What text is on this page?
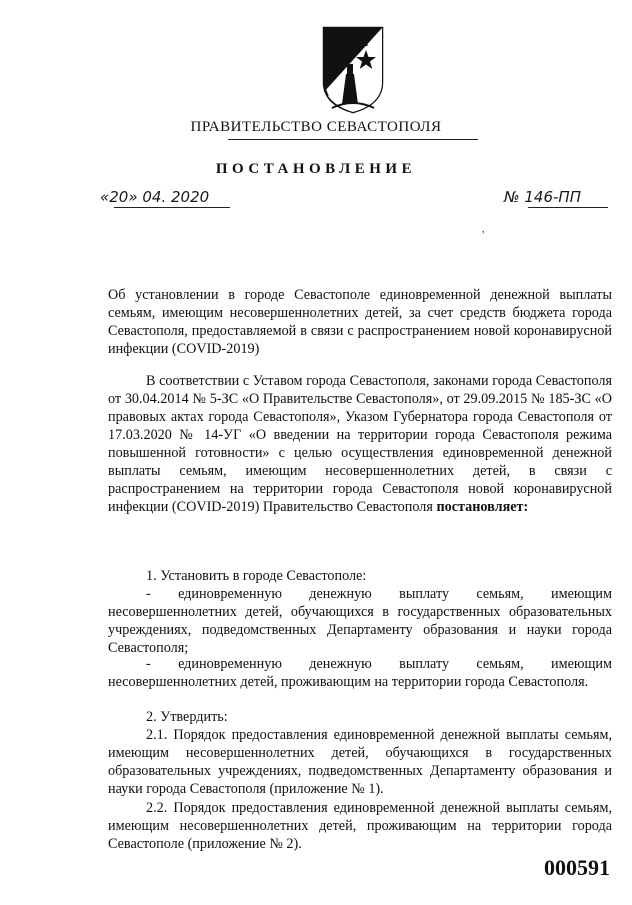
ПРАВИТЕЛЬСТВО СЕВАСТОПОЛЯ
ПОСТАНОВЛЕНИЕ
«20» 04. 2020	№ 146-ПП
,
Об установлении в городе Севастополе единовременной денежной выплаты семьям, имеющим несовершеннолетних детей, за счет средств бюджета города Севастополя, предоставляемой в связи с распространением новой коронавирусной инфекции (COVID-2019)
В соответствии с Уставом города Севастополя, законами города Севастополя от 30.04.2014 № 5-ЗС «О Правительстве Севастополя», от 29.09.2015 № 185-ЗС «О правовых актах города Севастополя», Указом Губернатора города Севастополя от 17.03.2020 № 14-УГ «О введении на территории города Севастополя режима повышенной готовности» с целью осуществления единовременной денежной выплаты семьям, имеющим несовершеннолетних детей, в связи с распространением на территории города Севастополя новой коронавирусной инфекции (COVID-2019) Правительство Севастополя постановляет:
1. Установить в городе Севастополе:
- единовременную денежную выплату семьям, имеющим несовершеннолетних детей, обучающихся в государственных образовательных учреждениях, подведомственных Департаменту образования и науки города Севастополя;
- единовременную денежную выплату семьям, имеющим несовершеннолетних детей, проживающим на территории города Севастополя.
2. Утвердить:
2.1. Порядок предоставления единовременной денежной выплаты семьям, имеющим несовершеннолетних детей, обучающихся в государственных образовательных учреждениях, подведомственных Департаменту образования и науки города Севастополя (приложение № 1).
2.2. Порядок предоставления единовременной денежной выплаты семьям, имеющим несовершеннолетних детей, проживающим на территории города Севастополе (приложение № 2).
000591
